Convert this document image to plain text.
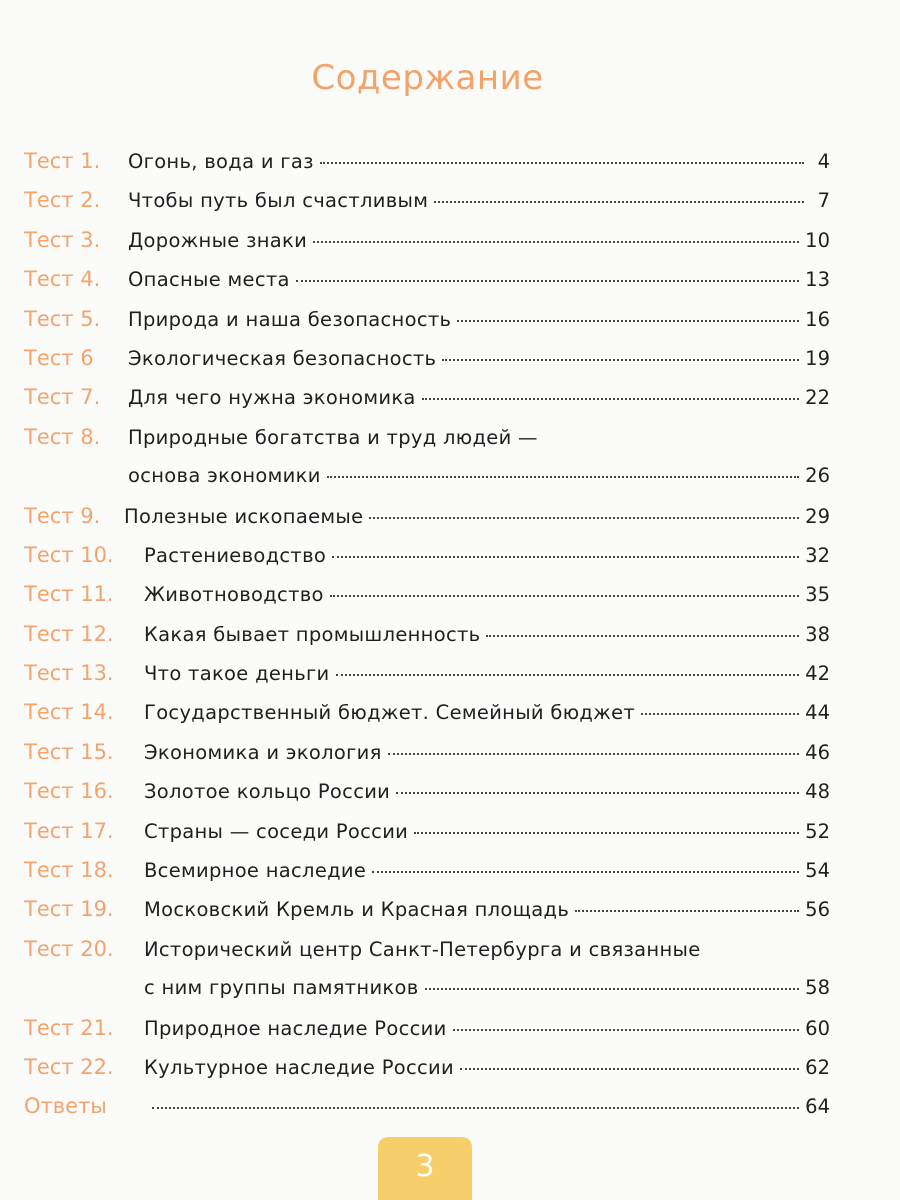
Содержание
Тест 1.	Огонь, вода и газ	4
Тест 2.	Чтобы путь был счастливым	7
Тест 3.	Дорожные знаки	10
Тест 4.	Опасные места	13
Тест 5.	Природа и наша безопасность	16
Тест 6	Экологическая безопасность	19
Тест 7.	Для чего нужна экономика	22
Тест 8.	Природные богатства и труд людей —
основа экономики	26
Тест 9.	Полезные ископаемые	29
Тест 10.	Растениеводство	32
Тест 11.	Животноводство	35
Тест 12.	Какая бывает промышленность	38
Тест 13.	Что такое деньги	42
Тест 14.	Государственный бюджет. Семейный бюджет	44
Тест 15.	Экономика и экология	46
Тест 16.	Золотое кольцо России	48
Тест 17.	Страны — соседи России	52
Тест 18.	Всемирное наследие	54
Тест 19.	Московский Кремль и Красная площадь	56
Тест 20.	Исторический центр Санкт-Петербурга и связанные
с ним группы памятников	58
Тест 21.	Природное наследие России	60
Тест 22.	Культурное наследие России	62
Ответы	64
3
